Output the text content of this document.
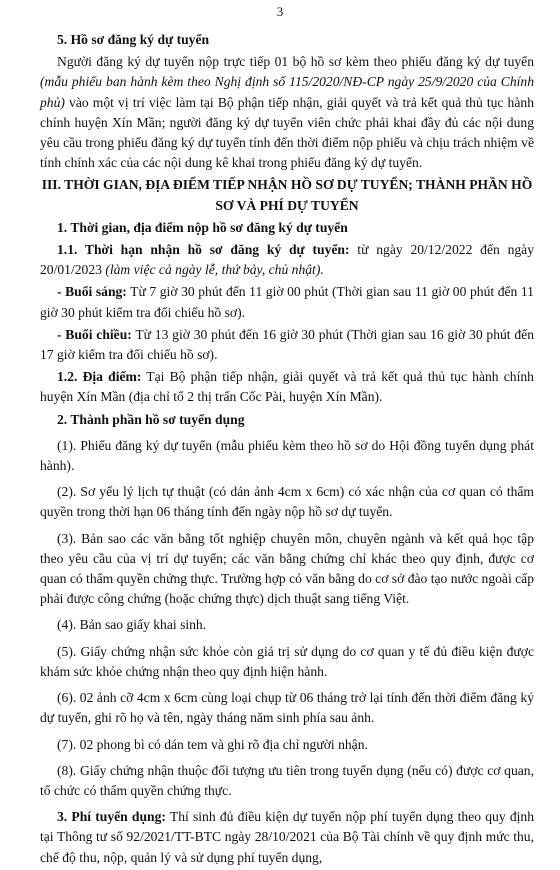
3

5. Hồ sơ đăng ký dự tuyển

Người đăng ký dự tuyển nộp trực tiếp 01 bộ hồ sơ kèm theo phiếu đăng ký dự tuyển (mẫu phiếu ban hành kèm theo Nghị định số 115/2020/NĐ-CP ngày 25/9/2020 của Chính phủ) vào một vị trí việc làm tại Bộ phận tiếp nhận, giải quyết và trả kết quả thủ tục hành chính huyện Xín Mần; người đăng ký dự tuyển viên chức phải khai đầy đủ các nội dung yêu cầu trong phiếu đăng ký dự tuyển tính đến thời điểm nộp phiếu và chịu trách nhiệm về tính chính xác của các nội dung kê khai trong phiếu đăng ký dự tuyển.

III. THỜI GIAN, ĐỊA ĐIỂM TIẾP NHẬN HỒ SƠ DỰ TUYỂN; THÀNH PHẦN HỒ SƠ VÀ PHÍ DỰ TUYỂN

1. Thời gian, địa điểm nộp hồ sơ đăng ký dự tuyển

1.1. Thời hạn nhận hồ sơ đăng ký dự tuyển: từ ngày 20/12/2022 đến ngày 20/01/2023 (làm việc cả ngày lễ, thứ bảy, chủ nhật).

- Buổi sáng: Từ 7 giờ 30 phút đến 11 giờ 00 phút (Thời gian sau 11 giờ 00 phút đến 11 giờ 30 phút kiểm tra đối chiếu hồ sơ).

- Buổi chiều: Từ 13 giờ 30 phút đến 16 giờ 30 phút (Thời gian sau 16 giờ 30 phút đến 17 giờ kiểm tra đối chiếu hồ sơ).

1.2. Địa điểm: Tại Bộ phận tiếp nhận, giải quyết và trả kết quả thủ tục hành chính huyện Xín Mần (địa chỉ tổ 2 thị trấn Cốc Pài, huyện Xín Mần).

2. Thành phần hồ sơ tuyển dụng

(1). Phiếu đăng ký dự tuyển (mẫu phiếu kèm theo hồ sơ do Hội đồng tuyển dụng phát hành).

(2). Sơ yếu lý lịch tự thuật (có dán ảnh 4cm x 6cm) có xác nhận của cơ quan có thẩm quyền trong thời hạn 06 tháng tính đến ngày nộp hồ sơ dự tuyển.

(3). Bản sao các văn bằng tốt nghiệp chuyên môn, chuyên ngành và kết quả học tập theo yêu cầu của vị trí dự tuyển; các văn bằng chứng chỉ khác theo quy định, được cơ quan có thẩm quyền chứng thực. Trường hợp có văn bằng do cơ sở đào tạo nước ngoài cấp phải được công chứng (hoặc chứng thực) dịch thuật sang tiếng Việt.

(4). Bản sao giấy khai sinh.

(5). Giấy chứng nhận sức khỏe còn giá trị sử dụng do cơ quan y tế đủ điều kiện được khám sức khỏe chứng nhận theo quy định hiện hành.

(6). 02 ảnh cỡ 4cm x 6cm cùng loại chụp từ 06 tháng trở lại tính đến thời điểm đăng ký dự tuyển, ghi rõ họ và tên, ngày tháng năm sinh phía sau ảnh.

(7). 02 phong bì có dán tem và ghi rõ địa chỉ người nhận.

(8). Giấy chứng nhận thuộc đối tượng ưu tiên trong tuyển dụng (nếu có) được cơ quan, tổ chức có thẩm quyền chứng thực.

3. Phí tuyển dụng: Thí sinh đủ điều kiện dự tuyển nộp phí tuyển dụng theo quy định tại Thông tư số 92/2021/TT-BTC ngày 28/10/2021 của Bộ Tài chính về quy định mức thu, chế độ thu, nộp, quản lý và sử dụng phí tuyển dụng,
